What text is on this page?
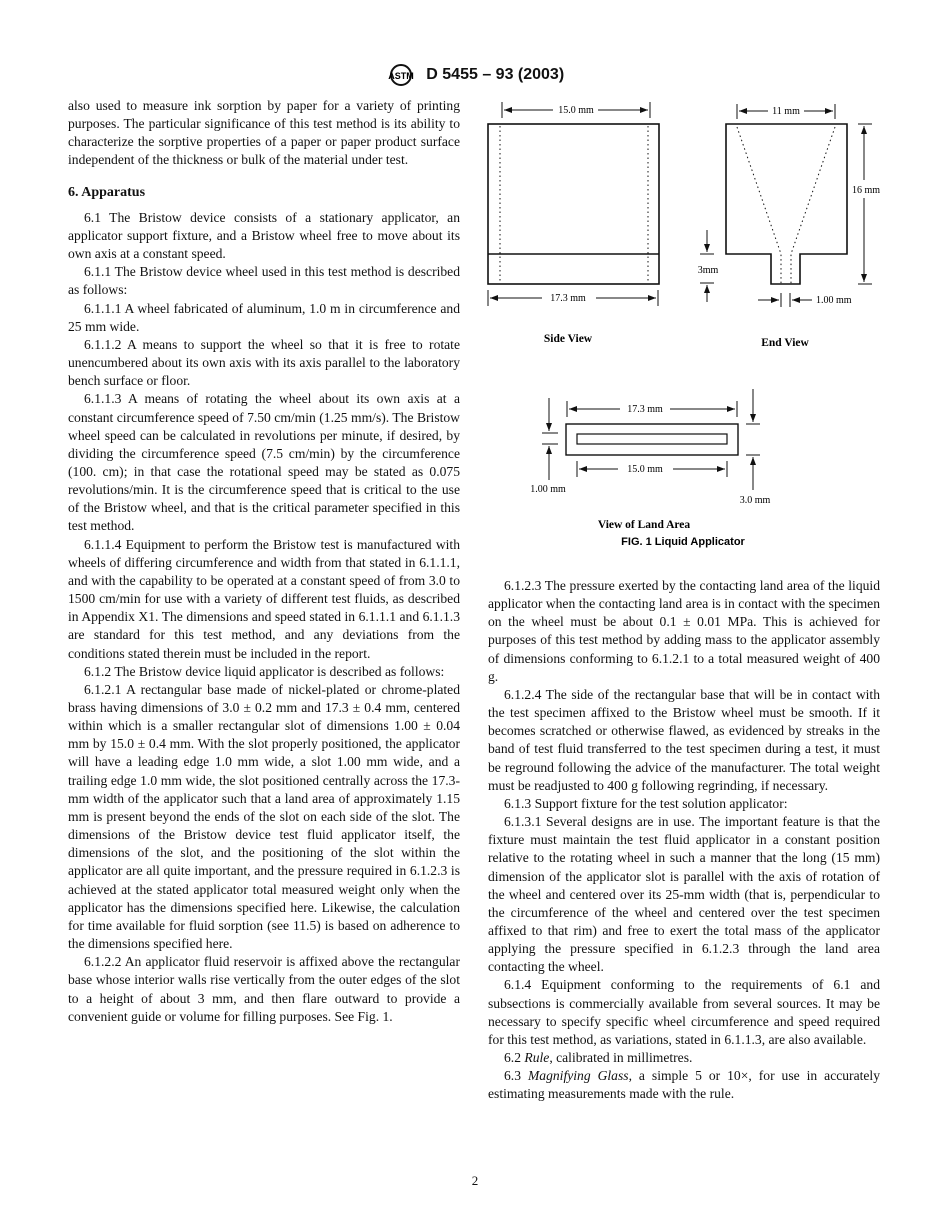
ASTM D 5455 – 93 (2003)

also used to measure ink sorption by paper for a variety of printing purposes. The particular significance of this test method is its ability to characterize the sorptive properties of a paper or paper product surface independent of the thickness or bulk of the material under test.

6. Apparatus

6.1 The Bristow device consists of a stationary applicator, an applicator support fixture, and a Bristow wheel free to move about its own axis at a constant speed.

6.1.1 The Bristow device wheel used in this test method is described as follows:

6.1.1.1 A wheel fabricated of aluminum, 1.0 m in circumference and 25 mm wide.

6.1.1.2 A means to support the wheel so that it is free to rotate unencumbered about its own axis with its axis parallel to the laboratory bench surface or floor.

6.1.1.3 A means of rotating the wheel about its own axis at a constant circumference speed of 7.50 cm/min (1.25 mm/s). The Bristow wheel speed can be calculated in revolutions per minute, if desired, by dividing the circumference speed (7.5 cm/min) by the circumference (100. cm); in that case the rotational speed may be stated as 0.075 revolutions/min. It is the circumference speed that is critical to the use of the Bristow wheel, and that is the critical parameter specified in this test method.

6.1.1.4 Equipment to perform the Bristow test is manufactured with wheels of differing circumference and width from that stated in 6.1.1.1, and with the capability to be operated at a constant speed of from 3.0 to 1500 cm/min for use with a variety of different test fluids, as described in Appendix X1. The dimensions and speed stated in 6.1.1.1 and 6.1.1.3 are standard for this test method, and any deviations from the conditions stated therein must be included in the report.

6.1.2 The Bristow device liquid applicator is described as follows:

6.1.2.1 A rectangular base made of nickel-plated or chrome-plated brass having dimensions of 3.0 ± 0.2 mm and 17.3 ± 0.4 mm, centered within which is a smaller rectangular slot of dimensions 1.00 ± 0.04 mm by 15.0 ± 0.4 mm. With the slot properly positioned, the applicator will have a leading edge 1.0 mm wide, a slot 1.00 mm wide, and a trailing edge 1.0 mm wide, the slot positioned centrally across the 17.3-mm width of the applicator such that a land area of approximately 1.15 mm is present beyond the ends of the slot on each side of the slot. The dimensions of the Bristow device test fluid applicator itself, the dimensions of the slot, and the positioning of the slot within the applicator are all quite important, and the pressure required in 6.1.2.3 is achieved at the stated applicator total measured weight only when the applicator has the dimensions specified here. Likewise, the calculation for time available for fluid sorption (see 11.5) is based on adherence to the dimensions specified here.

6.1.2.2 An applicator fluid reservoir is affixed above the rectangular base whose interior walls rise vertically from the outer edges of the slot to a height of about 3 mm, and then flare outward to provide a convenient guide or volume for filling purposes. See Fig. 1.

15.0 mm
17.3 mm
Side View
11 mm
16 mm
3mm
1.00 mm
End View
17.3 mm
15.0 mm
1.00 mm
3.0 mm
View of Land Area
FIG. 1 Liquid Applicator

6.1.2.3 The pressure exerted by the contacting land area of the liquid applicator when the contacting land area is in contact with the specimen on the wheel must be about 0.1 ± 0.01 MPa. This is achieved for purposes of this test method by adding mass to the applicator assembly of dimensions conforming to 6.1.2.1 to a total measured weight of 400 g.

6.1.2.4 The side of the rectangular base that will be in contact with the test specimen affixed to the Bristow wheel must be smooth. If it becomes scratched or otherwise flawed, as evidenced by streaks in the band of test fluid transferred to the test specimen during a test, it must be reground following the advice of the manufacturer. The total weight must be readjusted to 400 g following regrinding, if necessary.

6.1.3 Support fixture for the test solution applicator:

6.1.3.1 Several designs are in use. The important feature is that the fixture must maintain the test fluid applicator in a constant position relative to the rotating wheel in such a manner that the long (15 mm) dimension of the applicator slot is parallel with the axis of rotation of the wheel and centered over its 25-mm width (that is, perpendicular to the circumference of the wheel and centered over the test specimen affixed to that rim) and free to exert the total mass of the applicator applying the pressure specified in 6.1.2.3 through the land area contacting the wheel.

6.1.4 Equipment conforming to the requirements of 6.1 and subsections is commercially available from several sources. It may be necessary to specify specific wheel circumference and speed required for this test method, as variations, stated in 6.1.1.3, are also available.

6.2 Rule, calibrated in millimetres.

6.3 Magnifying Glass, a simple 5 or 10×, for use in accurately estimating measurements made with the rule.

2
